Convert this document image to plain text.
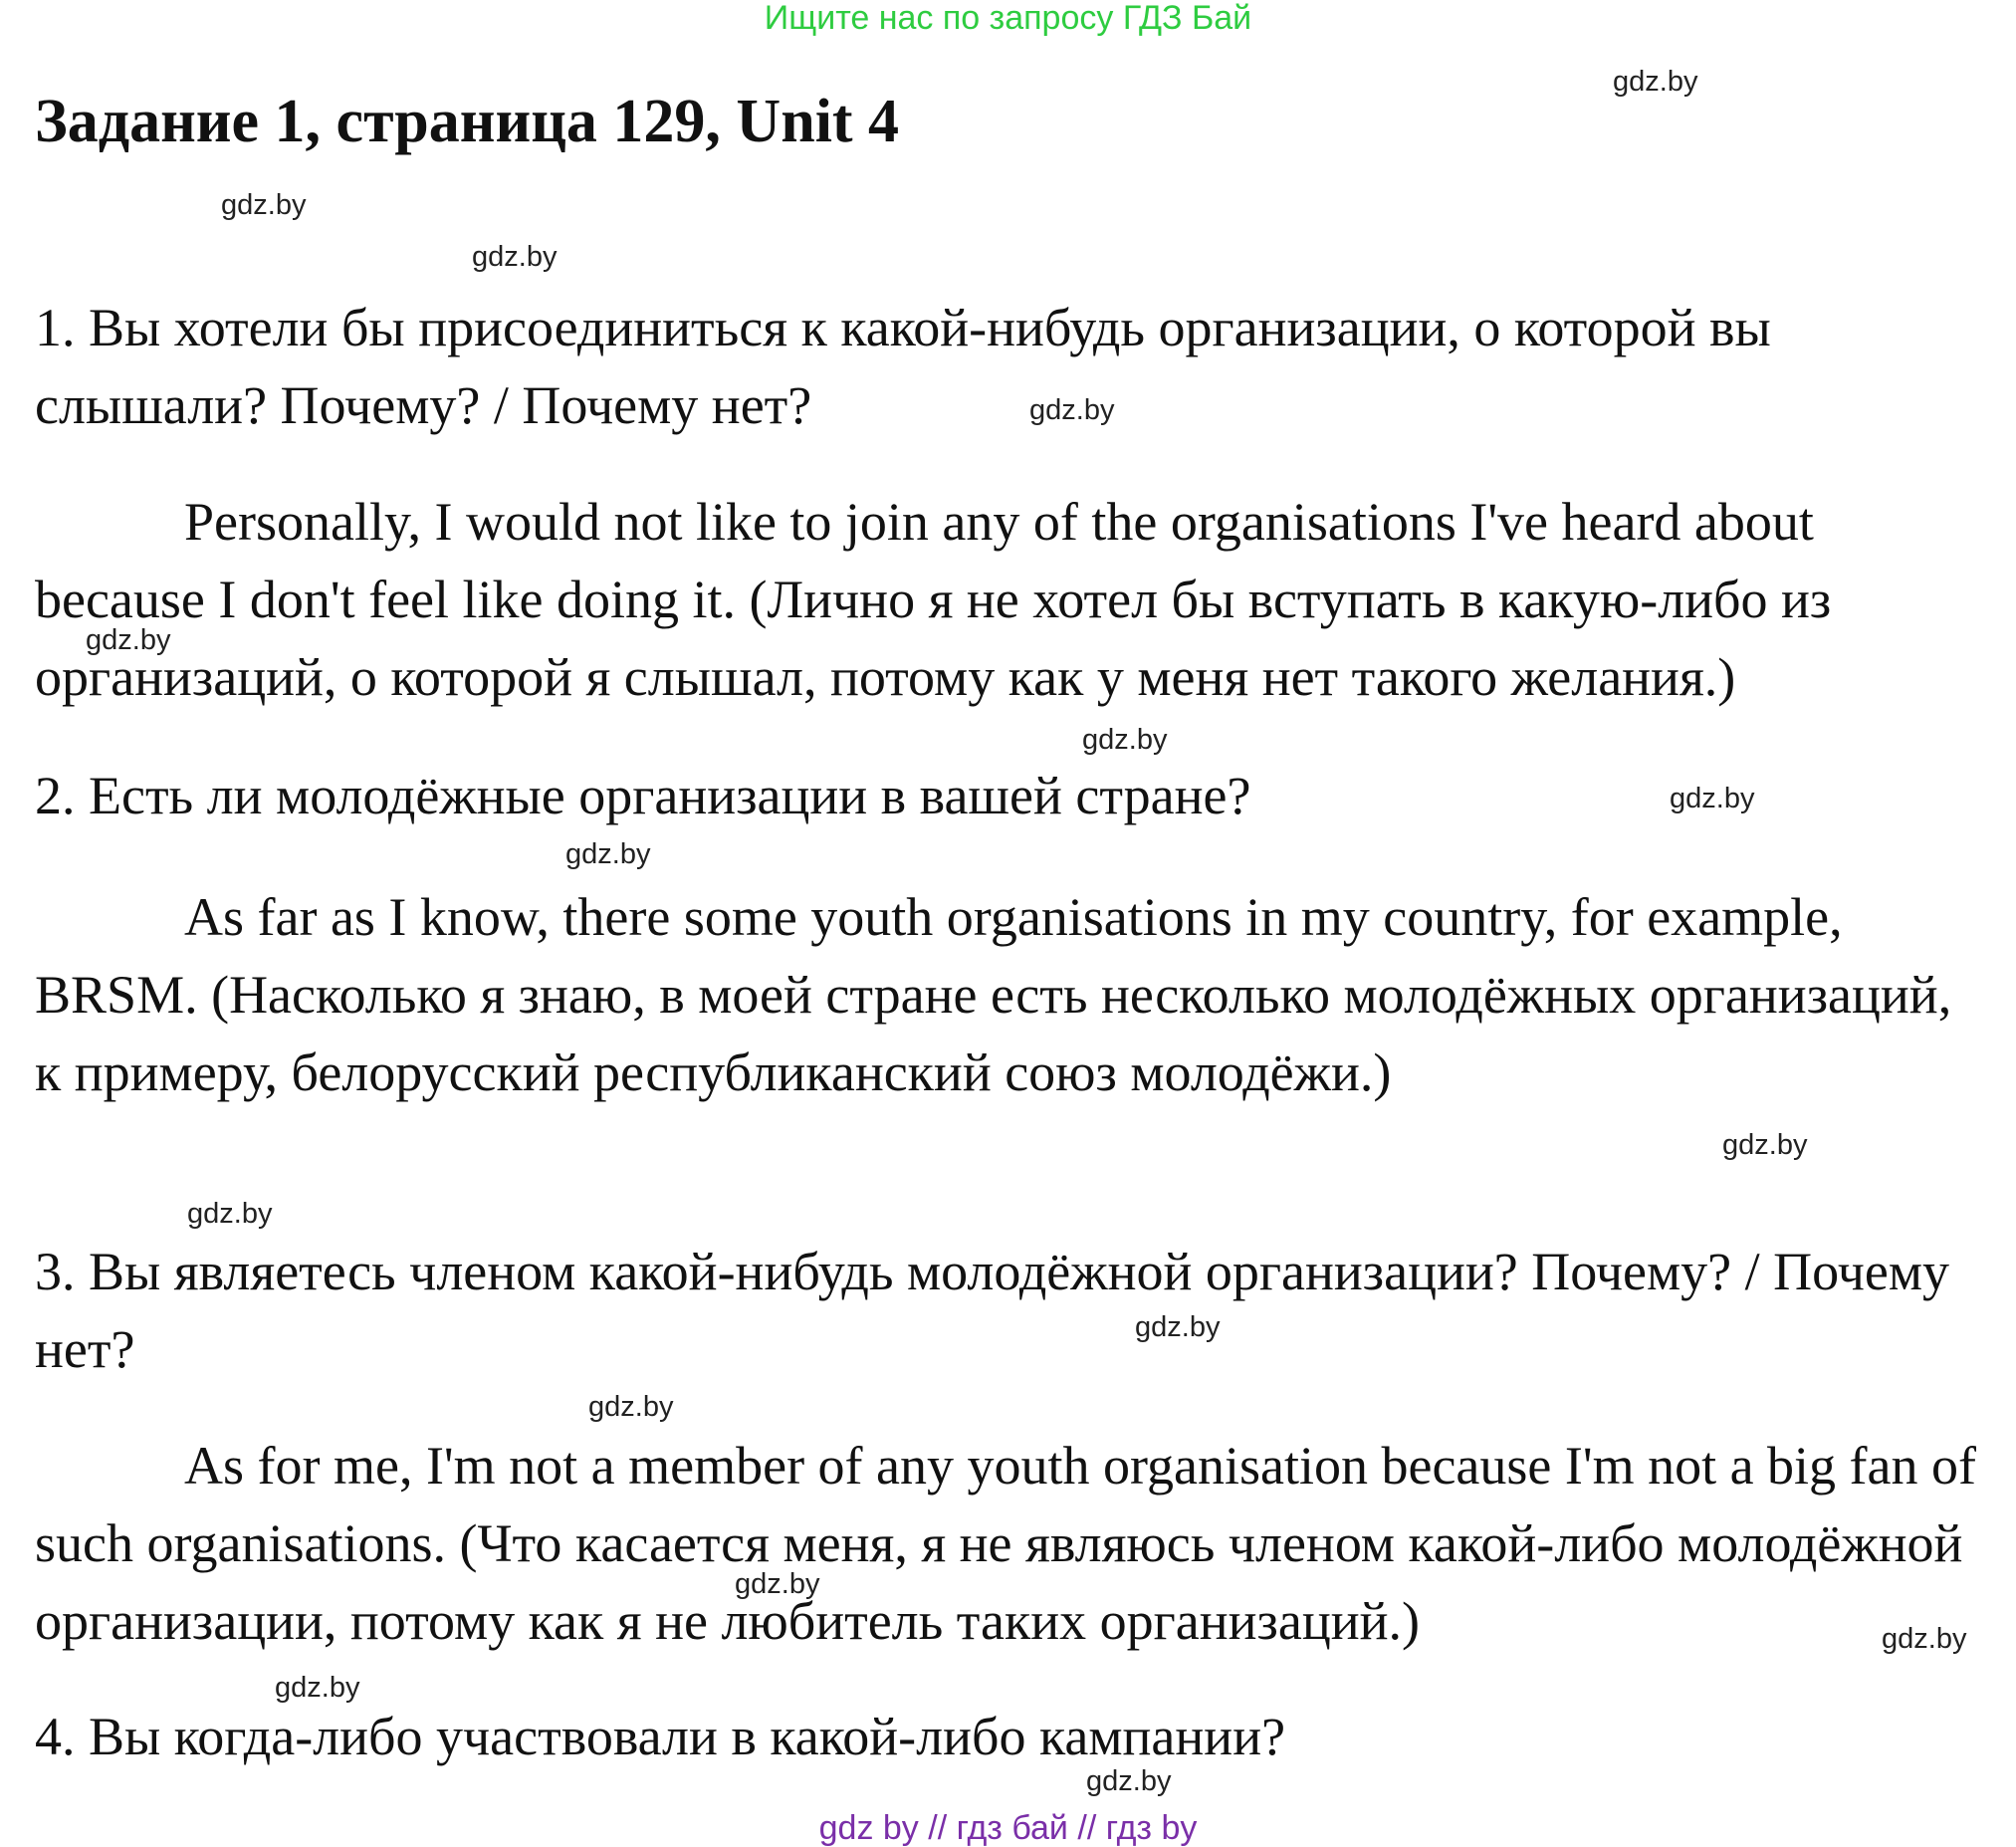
Ищите нас по запросу ГДЗ Бай
Задание 1, страница 129, Unit 4
1. Вы хотели бы присоединиться к какой-нибудь организации, о которой вы слышали? Почему? / Почему нет?
Personally, I would not like to join any of the organisations I've heard about because I don't feel like doing it. (Лично я не хотел бы вступать в какую-либо из организаций, о которой я слышал, потому как у меня нет такого желания.)
2. Есть ли молодёжные организации в вашей стране?
As far as I know, there some youth organisations in my country, for example, BRSM. (Насколько я знаю, в моей стране есть несколько молодёжных организаций, к примеру, белорусский республиканский союз молодёжи.)
3. Вы являетесь членом какой-нибудь молодёжной организации? Почему? / Почему нет?
As for me, I'm not a member of any youth organisation because I'm not a big fan of such organisations. (Что касается меня, я не являюсь членом какой-либо молодёжной организации, потому как я не любитель таких организаций.)
4. Вы когда-либо участвовали в какой-либо кампании?
gdz.by
gdz.by
gdz.by
gdz.by
gdz.by
gdz.by
gdz.by
gdz.by
gdz.by
gdz.by
gdz.by
gdz.by
gdz.by
gdz.by
gdz.by
gdz.by
gdz by // гдз бай // гдз by
